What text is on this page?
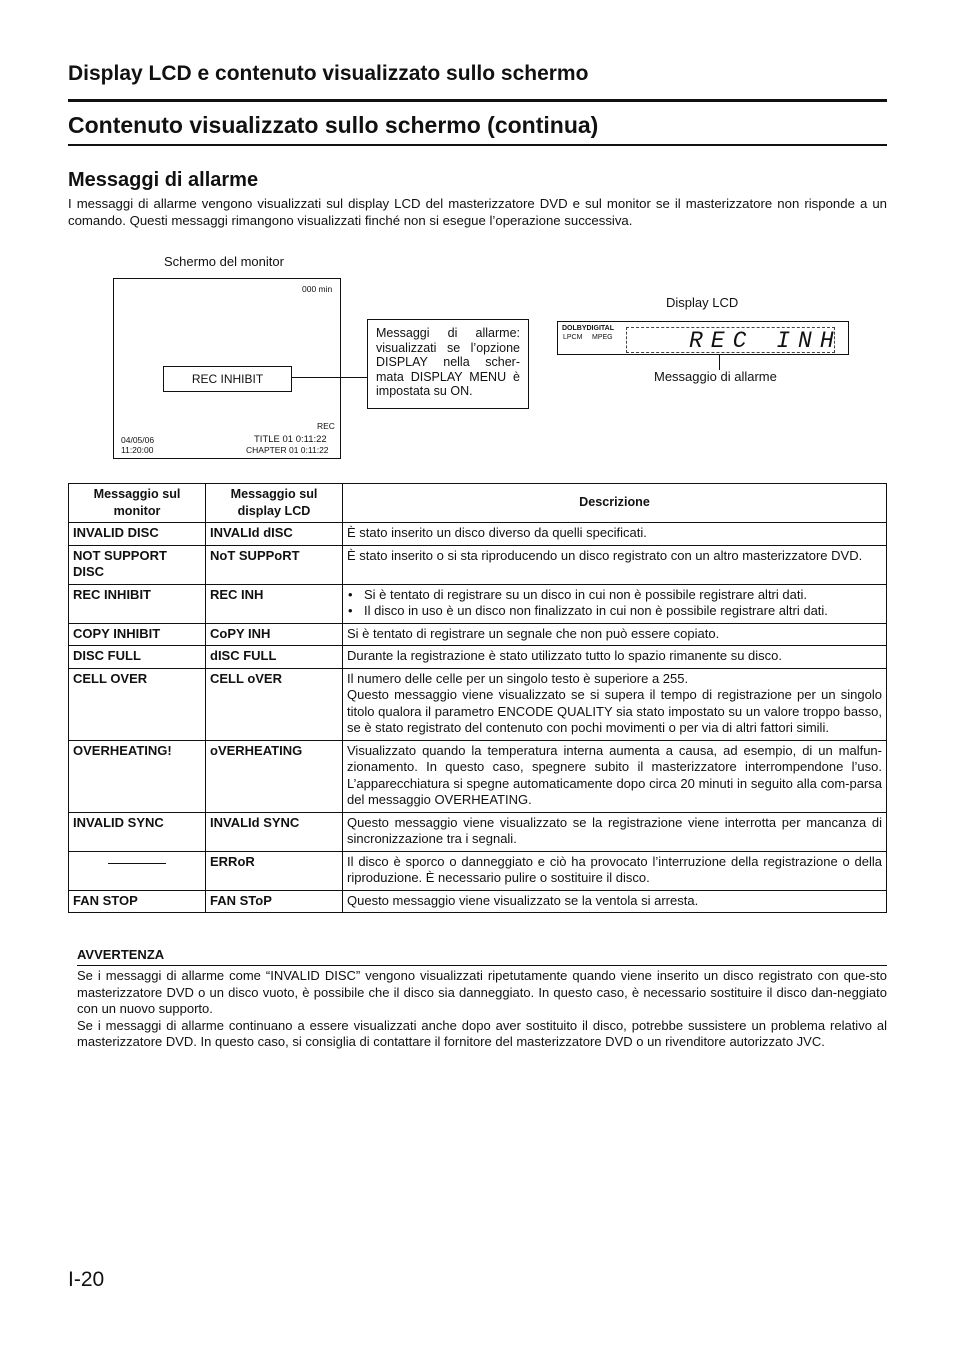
Display LCD e contenuto visualizzato sullo schermo
Contenuto visualizzato sullo schermo (continua)
Messaggi di allarme
I messaggi di allarme vengono visualizzati sul display LCD del masterizzatore DVD e sul monitor se il masterizzatore non risponde a un comando. Questi messaggi rimangono visualizzati finché non si esegue l’operazione successiva.
Schermo del monitor
000 min
REC INHIBIT
REC
04/05/06
11:20:00
TITLE 01 0:11:22
CHAPTER 01 0:11:22
Messaggi di allarme: visualizzati se l’opzione DISPLAY nella scher-mata DISPLAY MENU è impostata su ON.
Display LCD
DOLBYDIGITAL
LPCM MPEG	REC INH
Messaggio di allarme
Messaggio sul monitor	Messaggio sul display LCD	Descrizione
INVALID DISC	INVALId dISC	È stato inserito un disco diverso da quelli specificati.
NOT SUPPORT DISC	NoT SUPPoRT	È stato inserito o si sta riproducendo un disco registrato con un altro masterizzatore DVD.
REC INHIBIT	REC INH	• Si è tentato di registrare su un disco in cui non è possibile registrare altri dati.
• Il disco in uso è un disco non finalizzato in cui non è possibile registrare altri dati.

COPY INHIBIT	CoPY INH	Si è tentato di registrare un segnale che non può essere copiato.
DISC FULL	dISC FULL	Durante la registrazione è stato utilizzato tutto lo spazio rimanente su disco.
CELL OVER	CELL oVER	Il numero delle celle per un singolo testo è superiore a 255.
Questo messaggio viene visualizzato se si supera il tempo di registrazione per un singolo titolo qualora il parametro ENCODE QUALITY sia stato impostato su un valore troppo basso, se è stato registrato del contenuto con pochi movimenti o per via di altri fattori simili.

OVERHEATING!	oVERHEATING	Visualizzato quando la temperatura interna aumenta a causa, ad esempio, di un malfun-zionamento. In questo caso, spegnere subito il masterizzatore interrompendone l’uso. L’apparecchiatura si spegne automaticamente dopo circa 20 minuti in seguito alla com-parsa del messaggio OVERHEATING.
INVALID SYNC	INVALId SYNC	Questo messaggio viene visualizzato se la registrazione viene interrotta per mancanza di sincronizzazione tra i segnali.

	ERRoR	Il disco è sporco o danneggiato e ciò ha provocato l’interruzione della registrazione o della riproduzione. È necessario pulire o sostituire il disco.
FAN STOP	FAN SToP	Questo messaggio viene visualizzato se la ventola si arresta.
AVVERTENZA
Se i messaggi di allarme come “INVALID DISC” vengono visualizzati ripetutamente quando viene inserito un disco registrato con que-sto masterizzatore DVD o un disco vuoto, è possibile che il disco sia danneggiato. In questo caso, è necessario sostituire il disco dan-neggiato con un nuovo supporto.
Se i messaggi di allarme continuano a essere visualizzati anche dopo aver sostituito il disco, potrebbe sussistere un problema relativo al masterizzatore DVD. In questo caso, si consiglia di contattare il fornitore del masterizzatore DVD o un rivenditore autorizzato JVC.
I-20
